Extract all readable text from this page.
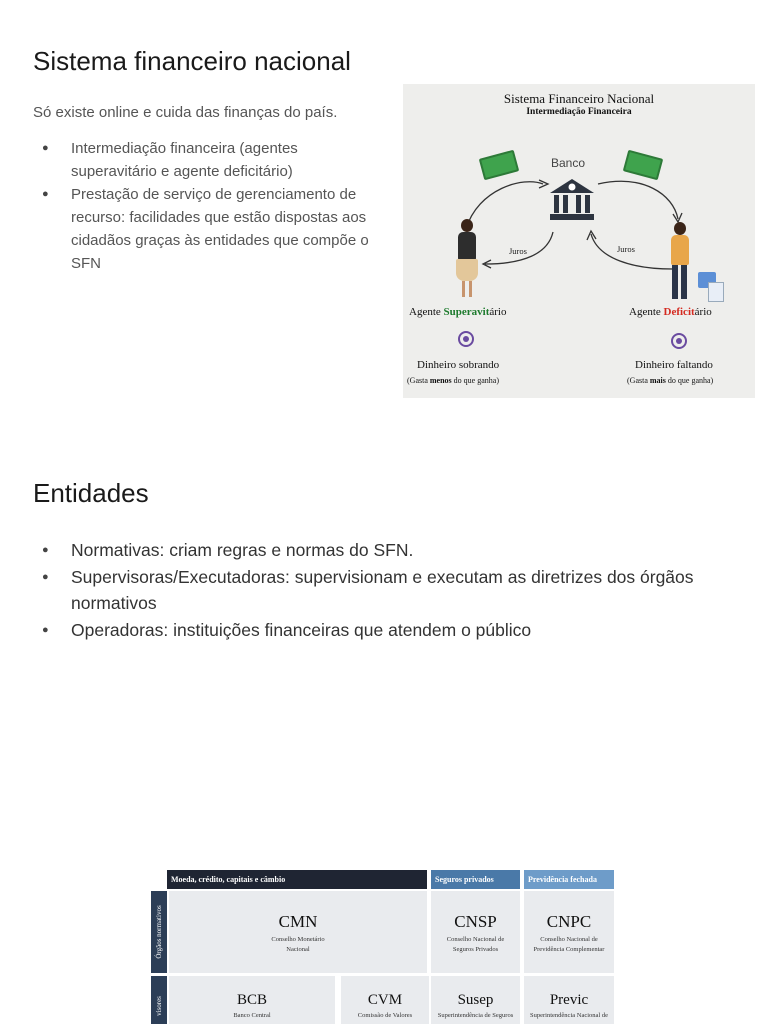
Sistema financeiro nacional
Só existe online e cuida das finanças do país.
● Intermediação financeira (agentes superavitário e agente deficitário)
● Prestação de serviço de gerenciamento de recurso: facilidades que estão dispostas aos cidadãos graças às entidades que compõe o SFN
Sistema Financeiro Nacional
Intermediação Financeira
Banco
Juros	Juros
Agente Superavitário	Agente Deficitário
Dinheiro sobrando
(Gasta menos do que ganha)
Dinheiro faltando
(Gasta mais do que ganha)
Entidades
● Normativas: criam regras e normas do SFN.
● Supervisoras/Executadoras: supervisionam e executam as diretrizes dos órgãos normativos
● Operadoras: instituições financeiras que atendem o público
Moeda, crédito, capitais e câmbio	Seguros privados	Previdência fechada
Órgãos normativos
visores
CMN
Conselho Monetário
Nacional
CNSP
Conselho Nacional de
Seguros Privados
CNPC
Conselho Nacional de
Previdência Complementar
BCB
Banco Central
CVM
Comissão de Valores
Susep
Superintendência de Seguros
Previc
Superintendência Nacional de
